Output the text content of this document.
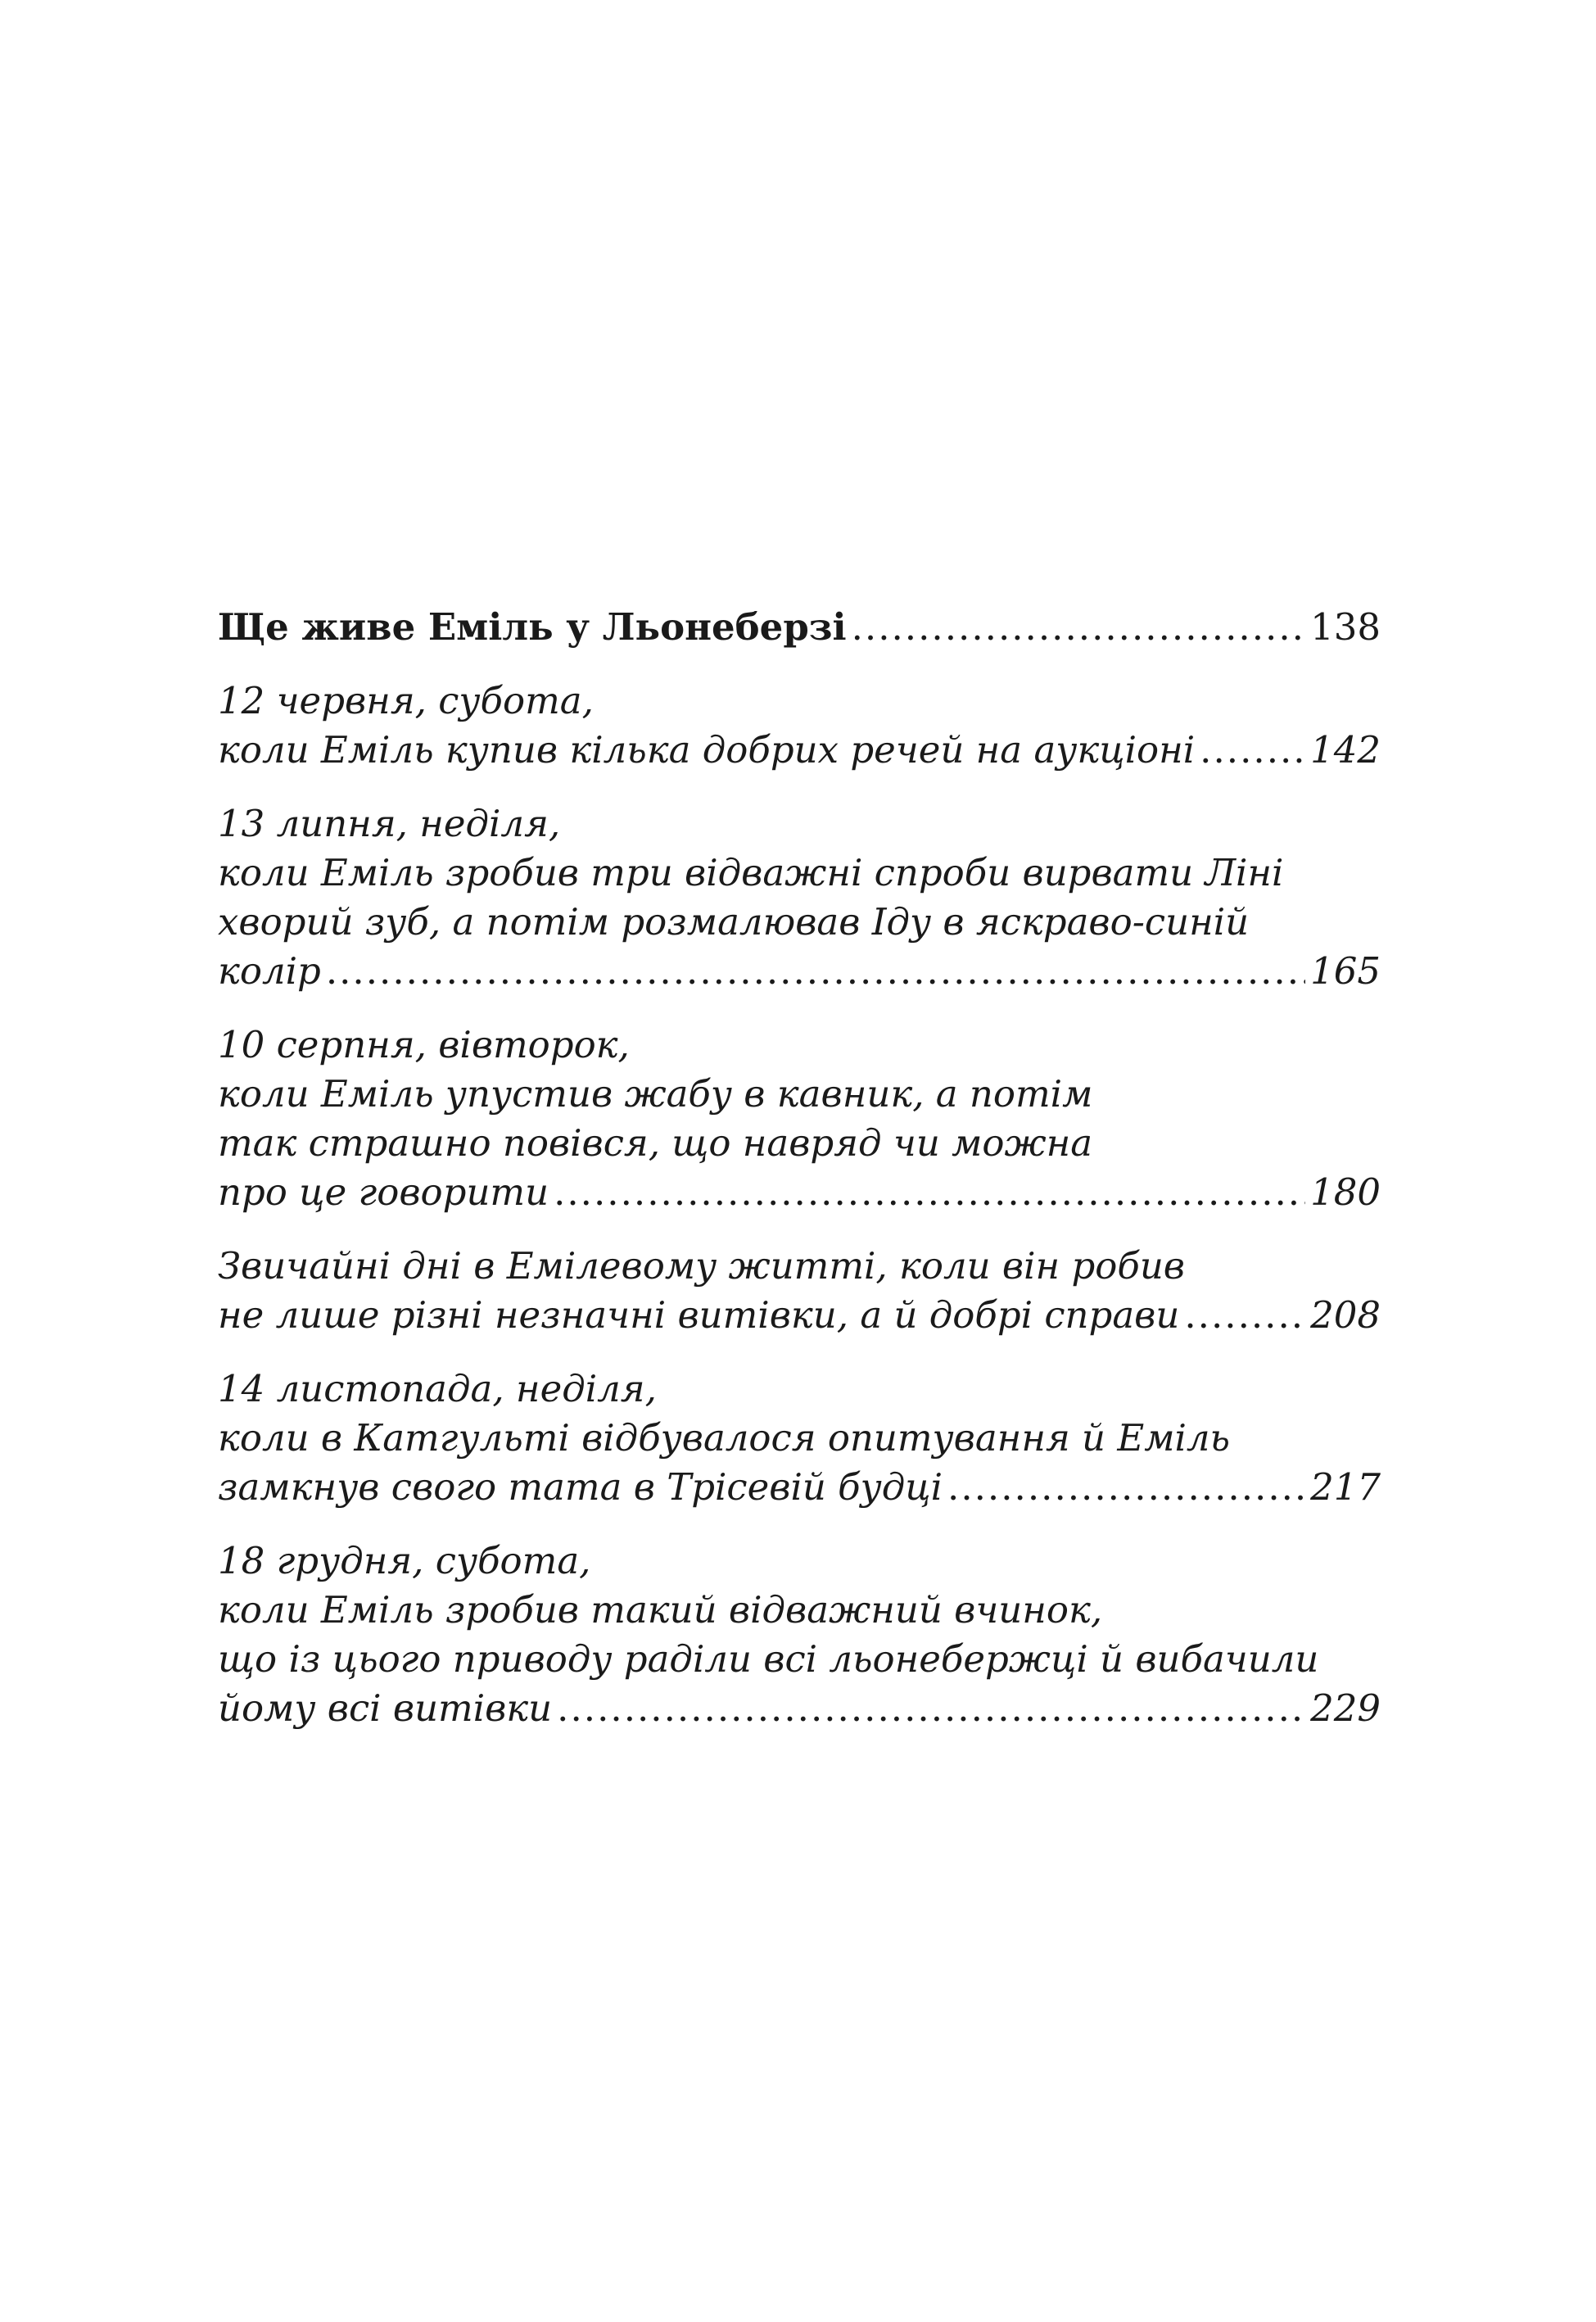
Ще живе Еміль у Льонеберзі .....	138
12 червня, субота,
коли Еміль купив кілька добрих речей на аукціоні .....	142
13 липня, неділя,
коли Еміль зробив три відважні спроби вирвати Ліні
хворий зуб, а потім розмалював Іду в яскраво-синій
колір .....	165
10 серпня, вівторок,
коли Еміль упустив жабу в кавник, а потім
так страшно повівся, що навряд чи можна
про це говорити .....	180
Звичайні дні в Емілевому житті, коли він робив
не лише різні незначні витівки, а й добрі справи .....	208
14 листопада, неділя,
коли в Катгульті відбувалося опитування й Еміль
замкнув свого тата в Трісевій будці .....	217
18 грудня, субота,
коли Еміль зробив такий відважний вчинок,
що із цього приводу раділи всі льонебержці й вибачили
йому всі витівки .....	229
